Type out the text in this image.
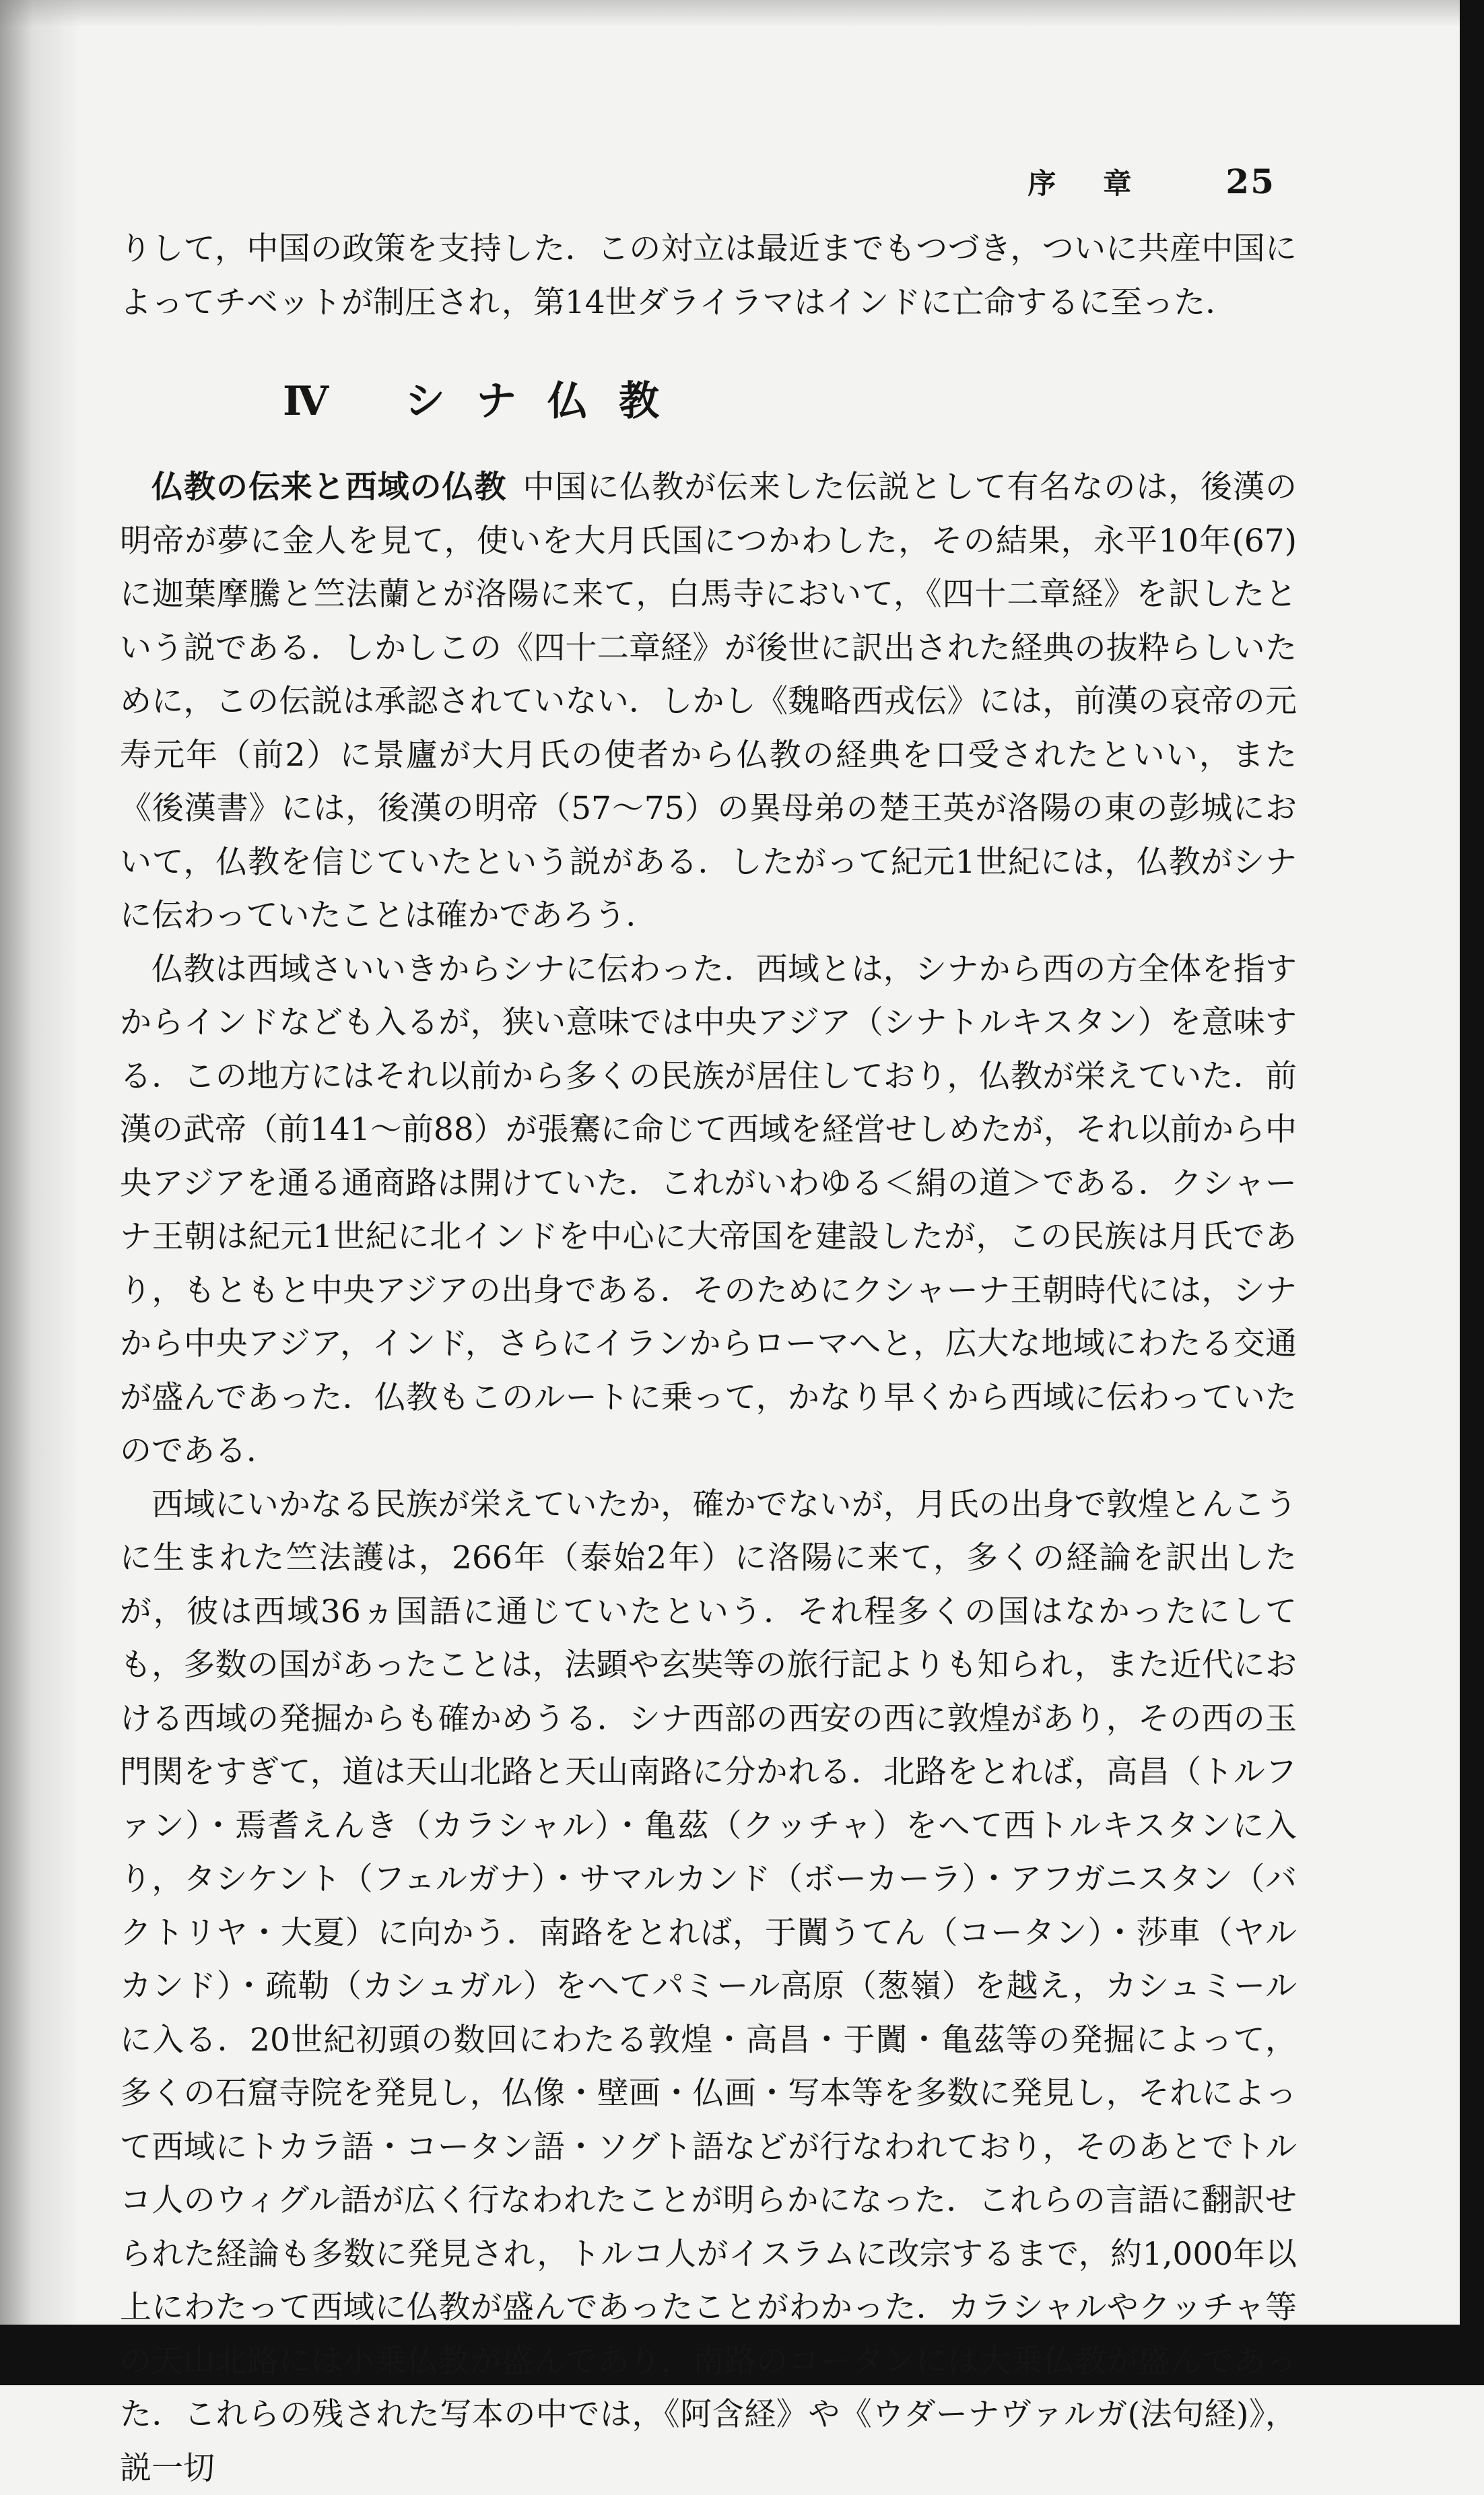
序章 25

りして，中国の政策を支持した．この対立は最近までもつづき，ついに共産中国によってチベットが制圧され，第14世ダライラマはインドに亡命するに至った．

Ⅳ シナ仏教

仏教の伝来と西域の仏教 中国に仏教が伝来した伝説として有名なのは，後漢の明帝が夢に金人を見て，使いを大月氏国につかわした，その結果，永平10年(67)に迦葉摩騰と竺法蘭とが洛陽に来て，白馬寺において，《四十二章経》を訳したという説である．しかしこの《四十二章経》が後世に訳出された経典の抜粋らしいために，この伝説は承認されていない．しかし《魏略西戎伝》には，前漢の哀帝の元寿元年（前2）に景廬が大月氏の使者から仏教の経典を口受されたといい，また《後漢書》には，後漢の明帝（57～75）の異母弟の楚王英が洛陽の東の彭城において，仏教を信じていたという説がある．したがって紀元1世紀には，仏教がシナに伝わっていたことは確かであろう．

仏教は西域さいいきからシナに伝わった．西域とは，シナから西の方全体を指すからインドなども入るが，狭い意味では中央アジア（シナトルキスタン）を意味する．この地方にはそれ以前から多くの民族が居住しており，仏教が栄えていた．前漢の武帝（前141～前88）が張騫に命じて西域を経営せしめたが，それ以前から中央アジアを通る通商路は開けていた．これがいわゆる＜絹の道＞である．クシャーナ王朝は紀元1世紀に北インドを中心に大帝国を建設したが，この民族は月氏であり，もともと中央アジアの出身である．そのためにクシャーナ王朝時代には，シナから中央アジア，インド，さらにイランからローマへと，広大な地域にわたる交通が盛んであった．仏教もこのルートに乗って，かなり早くから西域に伝わっていたのである．

西域にいかなる民族が栄えていたか，確かでないが，月氏の出身で敦煌とんこうに生まれた竺法護は，266年（泰始2年）に洛陽に来て，多くの経論を訳出したが，彼は西域36ヵ国語に通じていたという．それ程多くの国はなかったにしても，多数の国があったことは，法顕や玄奘等の旅行記よりも知られ，また近代における西域の発掘からも確かめうる．シナ西部の西安の西に敦煌があり，その西の玉門関をすぎて，道は天山北路と天山南路に分かれる．北路をとれば，高昌（トルファン）・焉耆えんき（カラシャル）・亀茲（クッチャ）をへて西トルキスタンに入り，タシケント（フェルガナ）・サマルカンド（ボーカーラ）・アフガニスタン（バクトリヤ・大夏）に向かう．南路をとれば，于闐うてん（コータン）・莎車（ヤルカンド）・疏勒（カシュガル）をへてパミール高原（葱嶺）を越え，カシュミールに入る．20世紀初頭の数回にわたる敦煌・高昌・于闐・亀茲等の発掘によって，多くの石窟寺院を発見し，仏像・壁画・仏画・写本等を多数に発見し，それによって西域にトカラ語・コータン語・ソグト語などが行なわれており，そのあとでトルコ人のウィグル語が広く行なわれたことが明らかになった．これらの言語に翻訳せられた経論も多数に発見され，トルコ人がイスラムに改宗するまで，約1,000年以上にわたって西域に仏教が盛んであったことがわかった．カラシャルやクッチャ等の天山北路には小乗仏教が盛んであり，南路のコータンには大乗仏教が盛んであった．これらの残された写本の中では，《阿含経》や《ウダーナヴァルガ(法句経)》，説一切
